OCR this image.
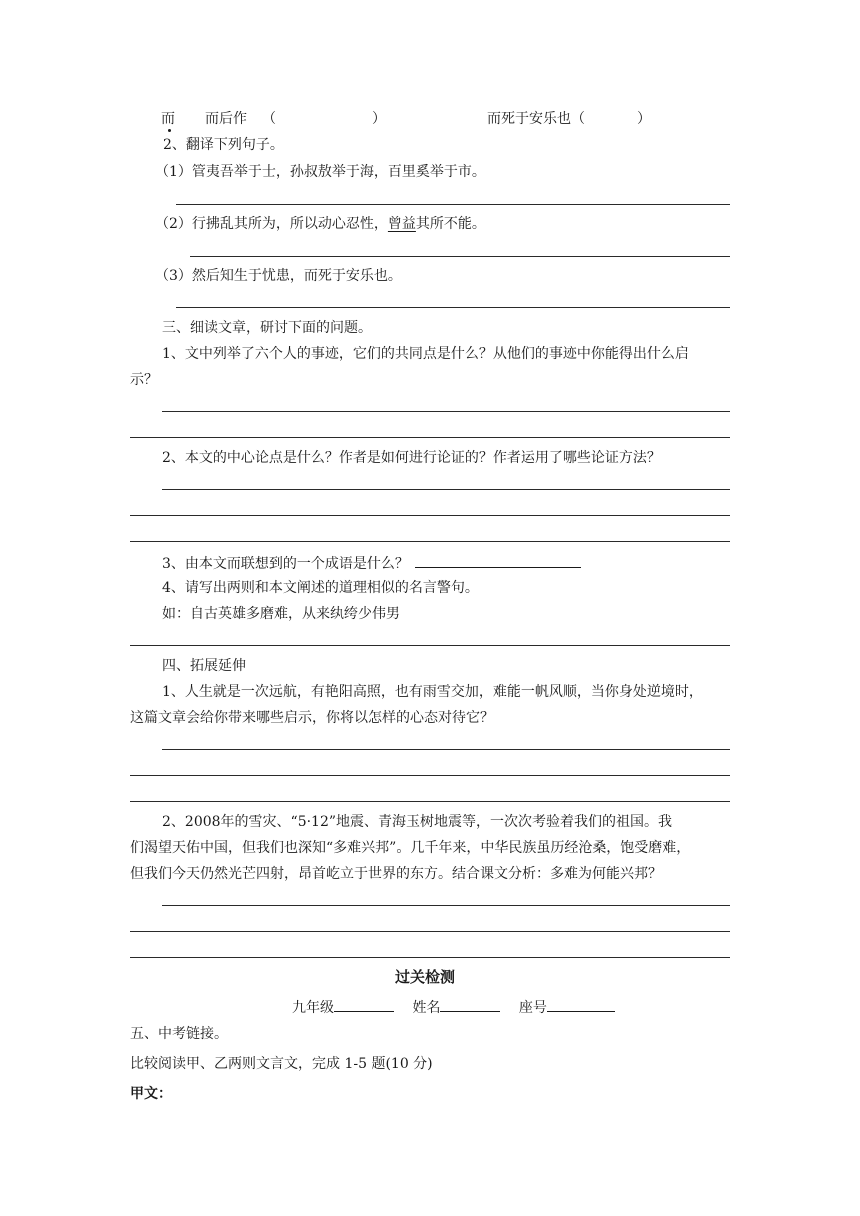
而 而后作 （	）	而死于安乐也（	）
2、翻译下列句子。
（1）管夷吾举于士，孙叔敖举于海，百里奚举于市。
（2）行拂乱其所为，所以动心忍性，曾益其所不能。
（3）然后知生于忧患，而死于安乐也。
三、细读文章，研讨下面的问题。
1、文中列举了六个人的事迹，它们的共同点是什么？从他们的事迹中你能得出什么启
示？
2、本文的中心论点是什么？作者是如何进行论证的？作者运用了哪些论证方法？
3、由本文而联想到的一个成语是什么？
4、请写出两则和本文阐述的道理相似的名言警句。
如：自古英雄多磨难，从来纨绔少伟男
四、拓展延伸
1、人生就是一次远航，有艳阳高照，也有雨雪交加，难能一帆风顺，当你身处逆境时，
这篇文章会给你带来哪些启示，你将以怎样的心态对待它？
2、2008年的雪灾、“5·12”地震、青海玉树地震等，一次次考验着我们的祖国。我
们渴望天佑中国，但我们也深知“多难兴邦”。几千年来，中华民族虽历经沧桑，饱受磨难，
但我们今天仍然光芒四射，昂首屹立于世界的东方。结合课文分析：多难为何能兴邦？
过关检测
九年级	姓名	座号
五、中考链接。
比较阅读甲、乙两则文言文，完成 1-5 题(10 分)
甲文：
